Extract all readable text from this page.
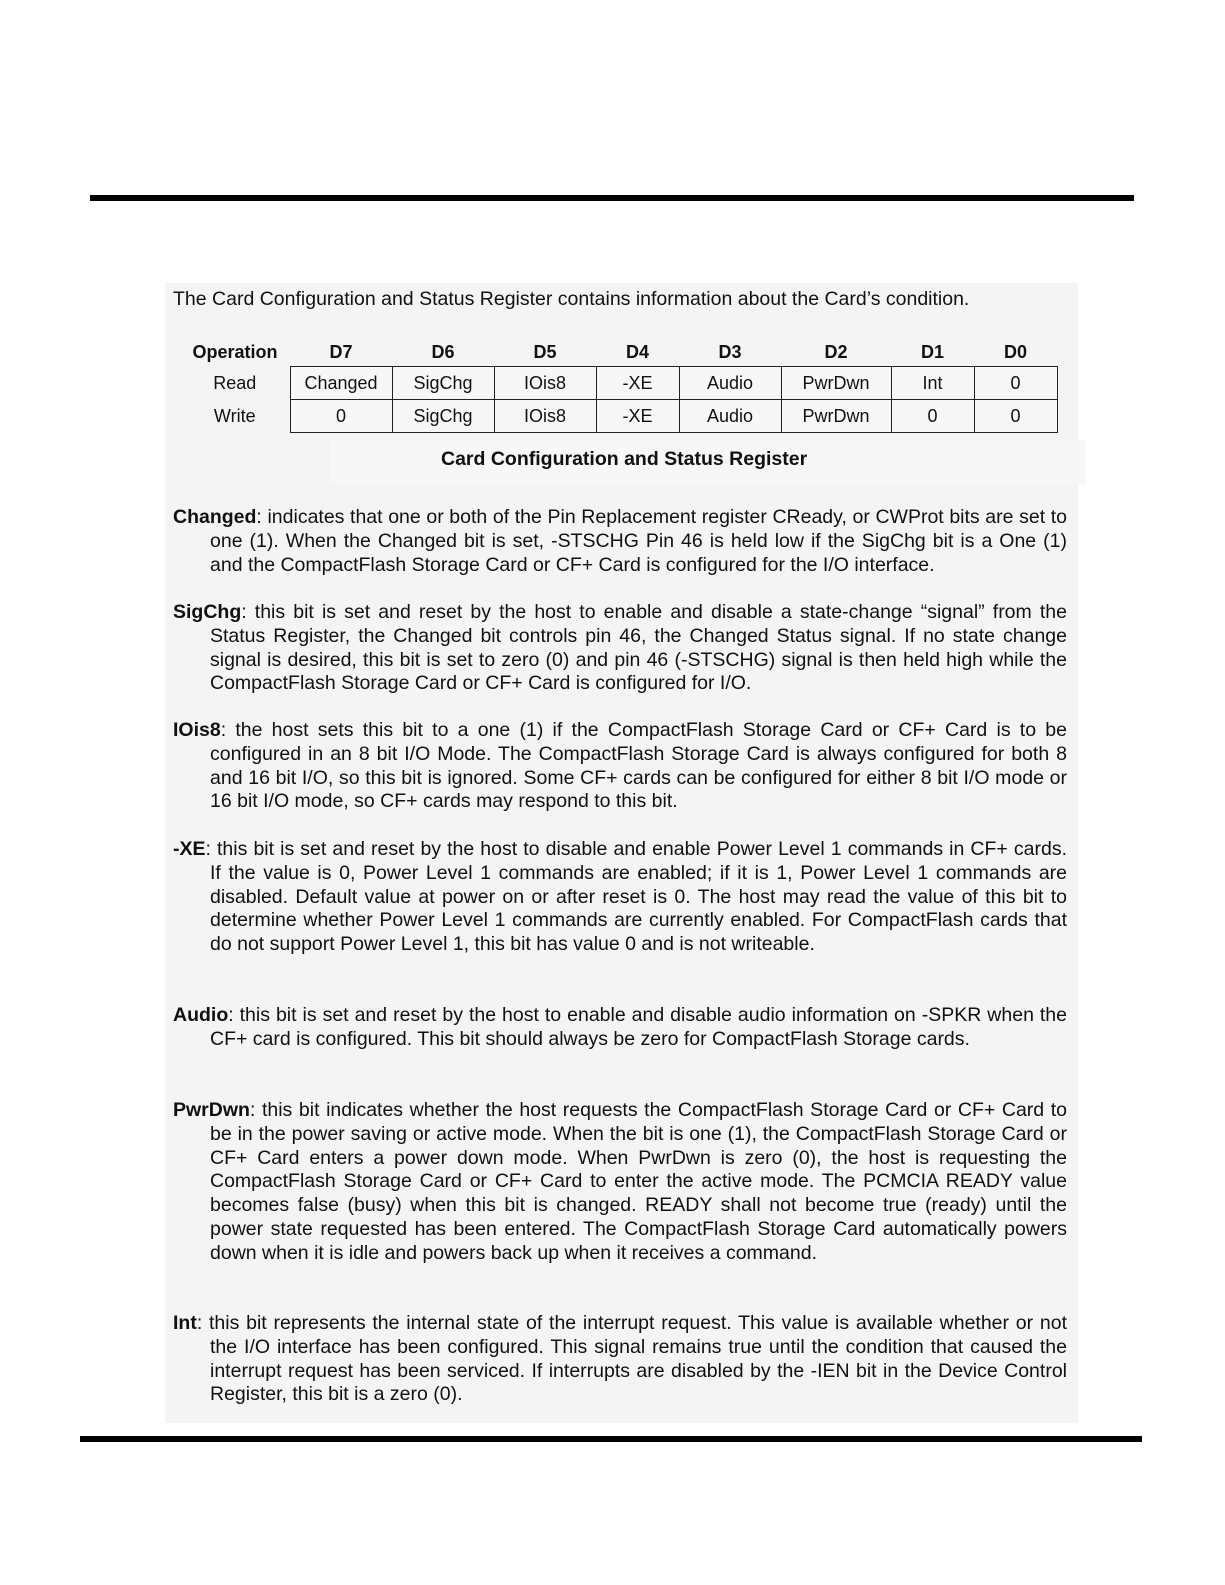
The Card Configuration and Status Register contains information about the Card’s condition.
Operation	D7	D6	D5	D4	D3	D2	D1	D0
Read	Changed	SigChg	IOis8	-XE	Audio	PwrDwn	Int	0
Write	0	SigChg	IOis8	-XE	Audio	PwrDwn	0	0
Card Configuration and Status Register
Changed: indicates that one or both of the Pin Replacement register CReady, or CWProt bits are set to one (1). When the Changed bit is set, -STSCHG Pin 46 is held low if the SigChg bit is a One (1) and the CompactFlash Storage Card or CF+ Card is configured for the I/O interface.
SigChg: this bit is set and reset by the host to enable and disable a state-change “signal” from the Status Register, the Changed bit controls pin 46, the Changed Status signal. If no state change signal is desired, this bit is set to zero (0) and pin 46 (-STSCHG) signal is then held high while the CompactFlash Storage Card or CF+ Card is configured for I/O.
IOis8: the host sets this bit to a one (1) if the CompactFlash Storage Card or CF+ Card is to be configured in an 8 bit I/O Mode. The CompactFlash Storage Card is always configured for both 8 and 16 bit I/O, so this bit is ignored. Some CF+ cards can be configured for either 8 bit I/O mode or 16 bit I/O mode, so CF+ cards may respond to this bit.
-XE: this bit is set and reset by the host to disable and enable Power Level 1 commands in CF+ cards. If the value is 0, Power Level 1 commands are enabled; if it is 1, Power Level 1 commands are disabled. Default value at power on or after reset is 0. The host may read the value of this bit to determine whether Power Level 1 commands are currently enabled. For CompactFlash cards that do not support Power Level 1, this bit has value 0 and is not writeable.
Audio: this bit is set and reset by the host to enable and disable audio information on -SPKR when the CF+ card is configured. This bit should always be zero for CompactFlash Storage cards.
PwrDwn: this bit indicates whether the host requests the CompactFlash Storage Card or CF+ Card to be in the power saving or active mode. When the bit is one (1), the CompactFlash Storage Card or CF+ Card enters a power down mode. When PwrDwn is zero (0), the host is requesting the CompactFlash Storage Card or CF+ Card to enter the active mode. The PCMCIA READY value becomes false (busy) when this bit is changed. READY shall not become true (ready) until the power state requested has been entered. The CompactFlash Storage Card automatically powers down when it is idle and powers back up when it receives a command.
Int: this bit represents the internal state of the interrupt request. This value is available whether or not the I/O interface has been configured. This signal remains true until the condition that caused the interrupt request has been serviced. If interrupts are disabled by the -IEN bit in the Device Control Register, this bit is a zero (0).
